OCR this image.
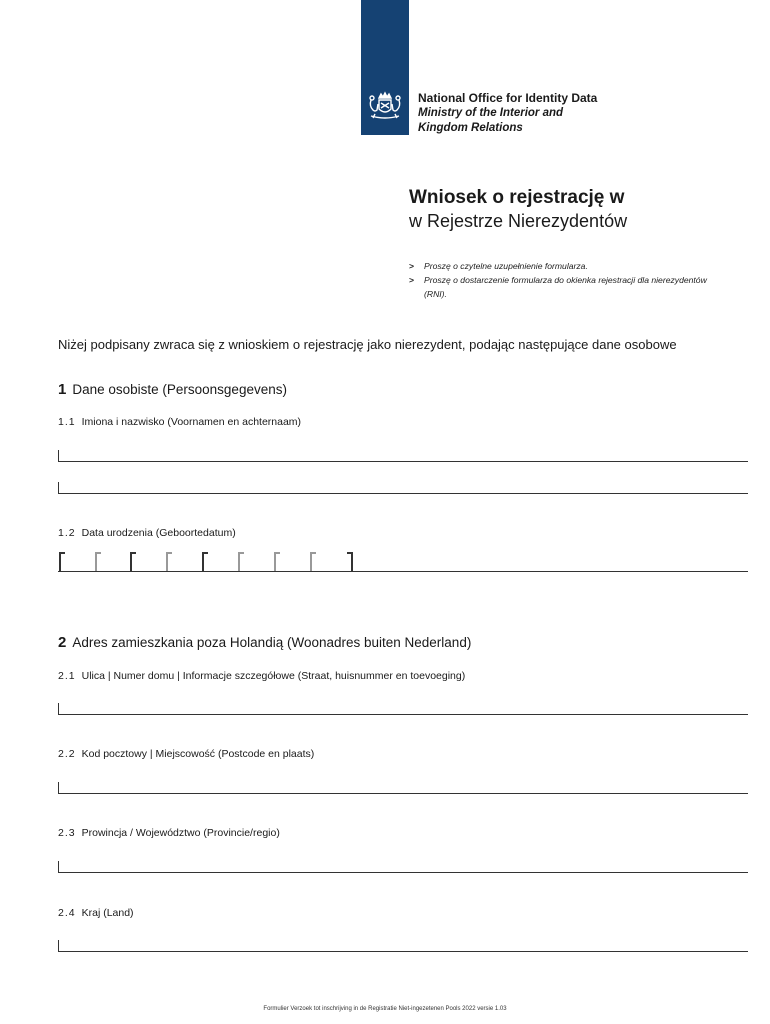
National Office for Identity Data
Ministry of the Interior and
Kingdom Relations
Wniosek o rejestrację w
w Rejestrze Nierezydentów
> Proszę o czytelne uzupełnienie formularza.
> Proszę o dostarczenie formularza do okienka rejestracji dla nierezydentów (RNI).
Niżej podpisany zwraca się z wnioskiem o rejestrację jako nierezydent, podając następujące dane osobowe
1 Dane osobiste (Persoonsgegevens)
1.1 Imiona i nazwisko (Voornamen en achternaam)
1.2 Data urodzenia (Geboortedatum)
2 Adres zamieszkania poza Holandią (Woonadres buiten Nederland)
2.1 Ulica | Numer domu | Informacje szczegółowe (Straat, huisnummer en toevoeging)
2.2 Kod pocztowy | Miejscowość (Postcode en plaats)
2.3 Prowincja / Województwo (Provincie/regio)
2.4 Kraj (Land)
Formulier Verzoek tot inschrijving in de Registratie Niet-ingezetenen Pools 2022 versie 1.03
